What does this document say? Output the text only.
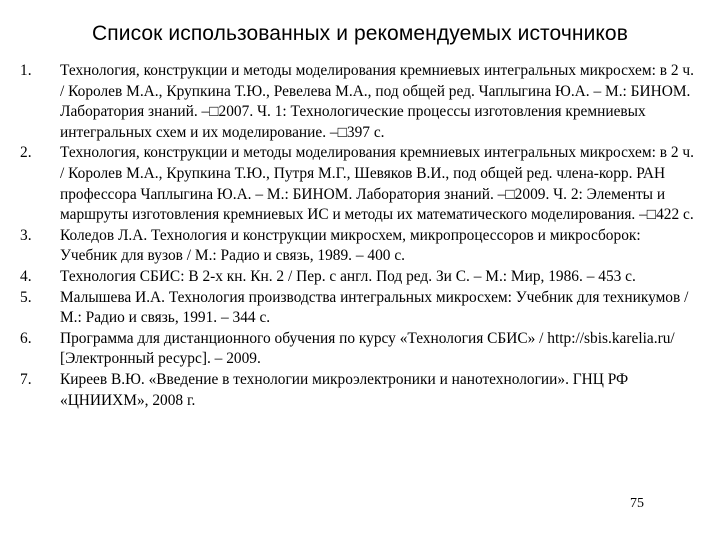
Список использованных и рекомендуемых источников
1. Технология, конструкции и методы моделирования кремниевых интегральных микросхем: в 2 ч. / Королев М.А., Крупкина Т.Ю., Ревелева М.А., под общей ред. Чаплыгина Ю.А. – М.: БИНОМ. Лаборатория знаний. –□2007. Ч. 1: Технологические процессы изготовления кремниевых интегральных схем и их моделирование. –□397 с.
2. Технология, конструкции и методы моделирования кремниевых интегральных микросхем: в 2 ч. / Королев М.А., Крупкина Т.Ю., Путря М.Г., Шевяков В.И., под общей ред. члена-корр. РАН профессора Чаплыгина Ю.А. – М.: БИНОМ. Лаборатория знаний. –□2009. Ч. 2: Элементы и маршруты изготовления кремниевых ИС и методы их математического моделирования. –□422 с.
3. Коледов Л.А. Технология и конструкции микросхем, микропроцессоров и микросборок: Учебник для вузов / М.: Радио и связь, 1989. – 400 с.
4. Технология СБИС: В 2-х кн. Кн. 2 / Пер. с англ. Под ред. Зи С. – М.: Мир, 1986. – 453 с.
5. Малышева И.А. Технология производства интегральных микросхем: Учебник для техникумов / М.: Радио и связь, 1991. – 344 с.
6. Программа для дистанционного обучения по курсу «Технология СБИС» / http://sbis.karelia.ru/ [Электронный ресурс]. – 2009.
7. Киреев В.Ю. «Введение в технологии микроэлектроники и нанотехнологии». ГНЦ РФ «ЦНИИХМ», 2008 г.
75
